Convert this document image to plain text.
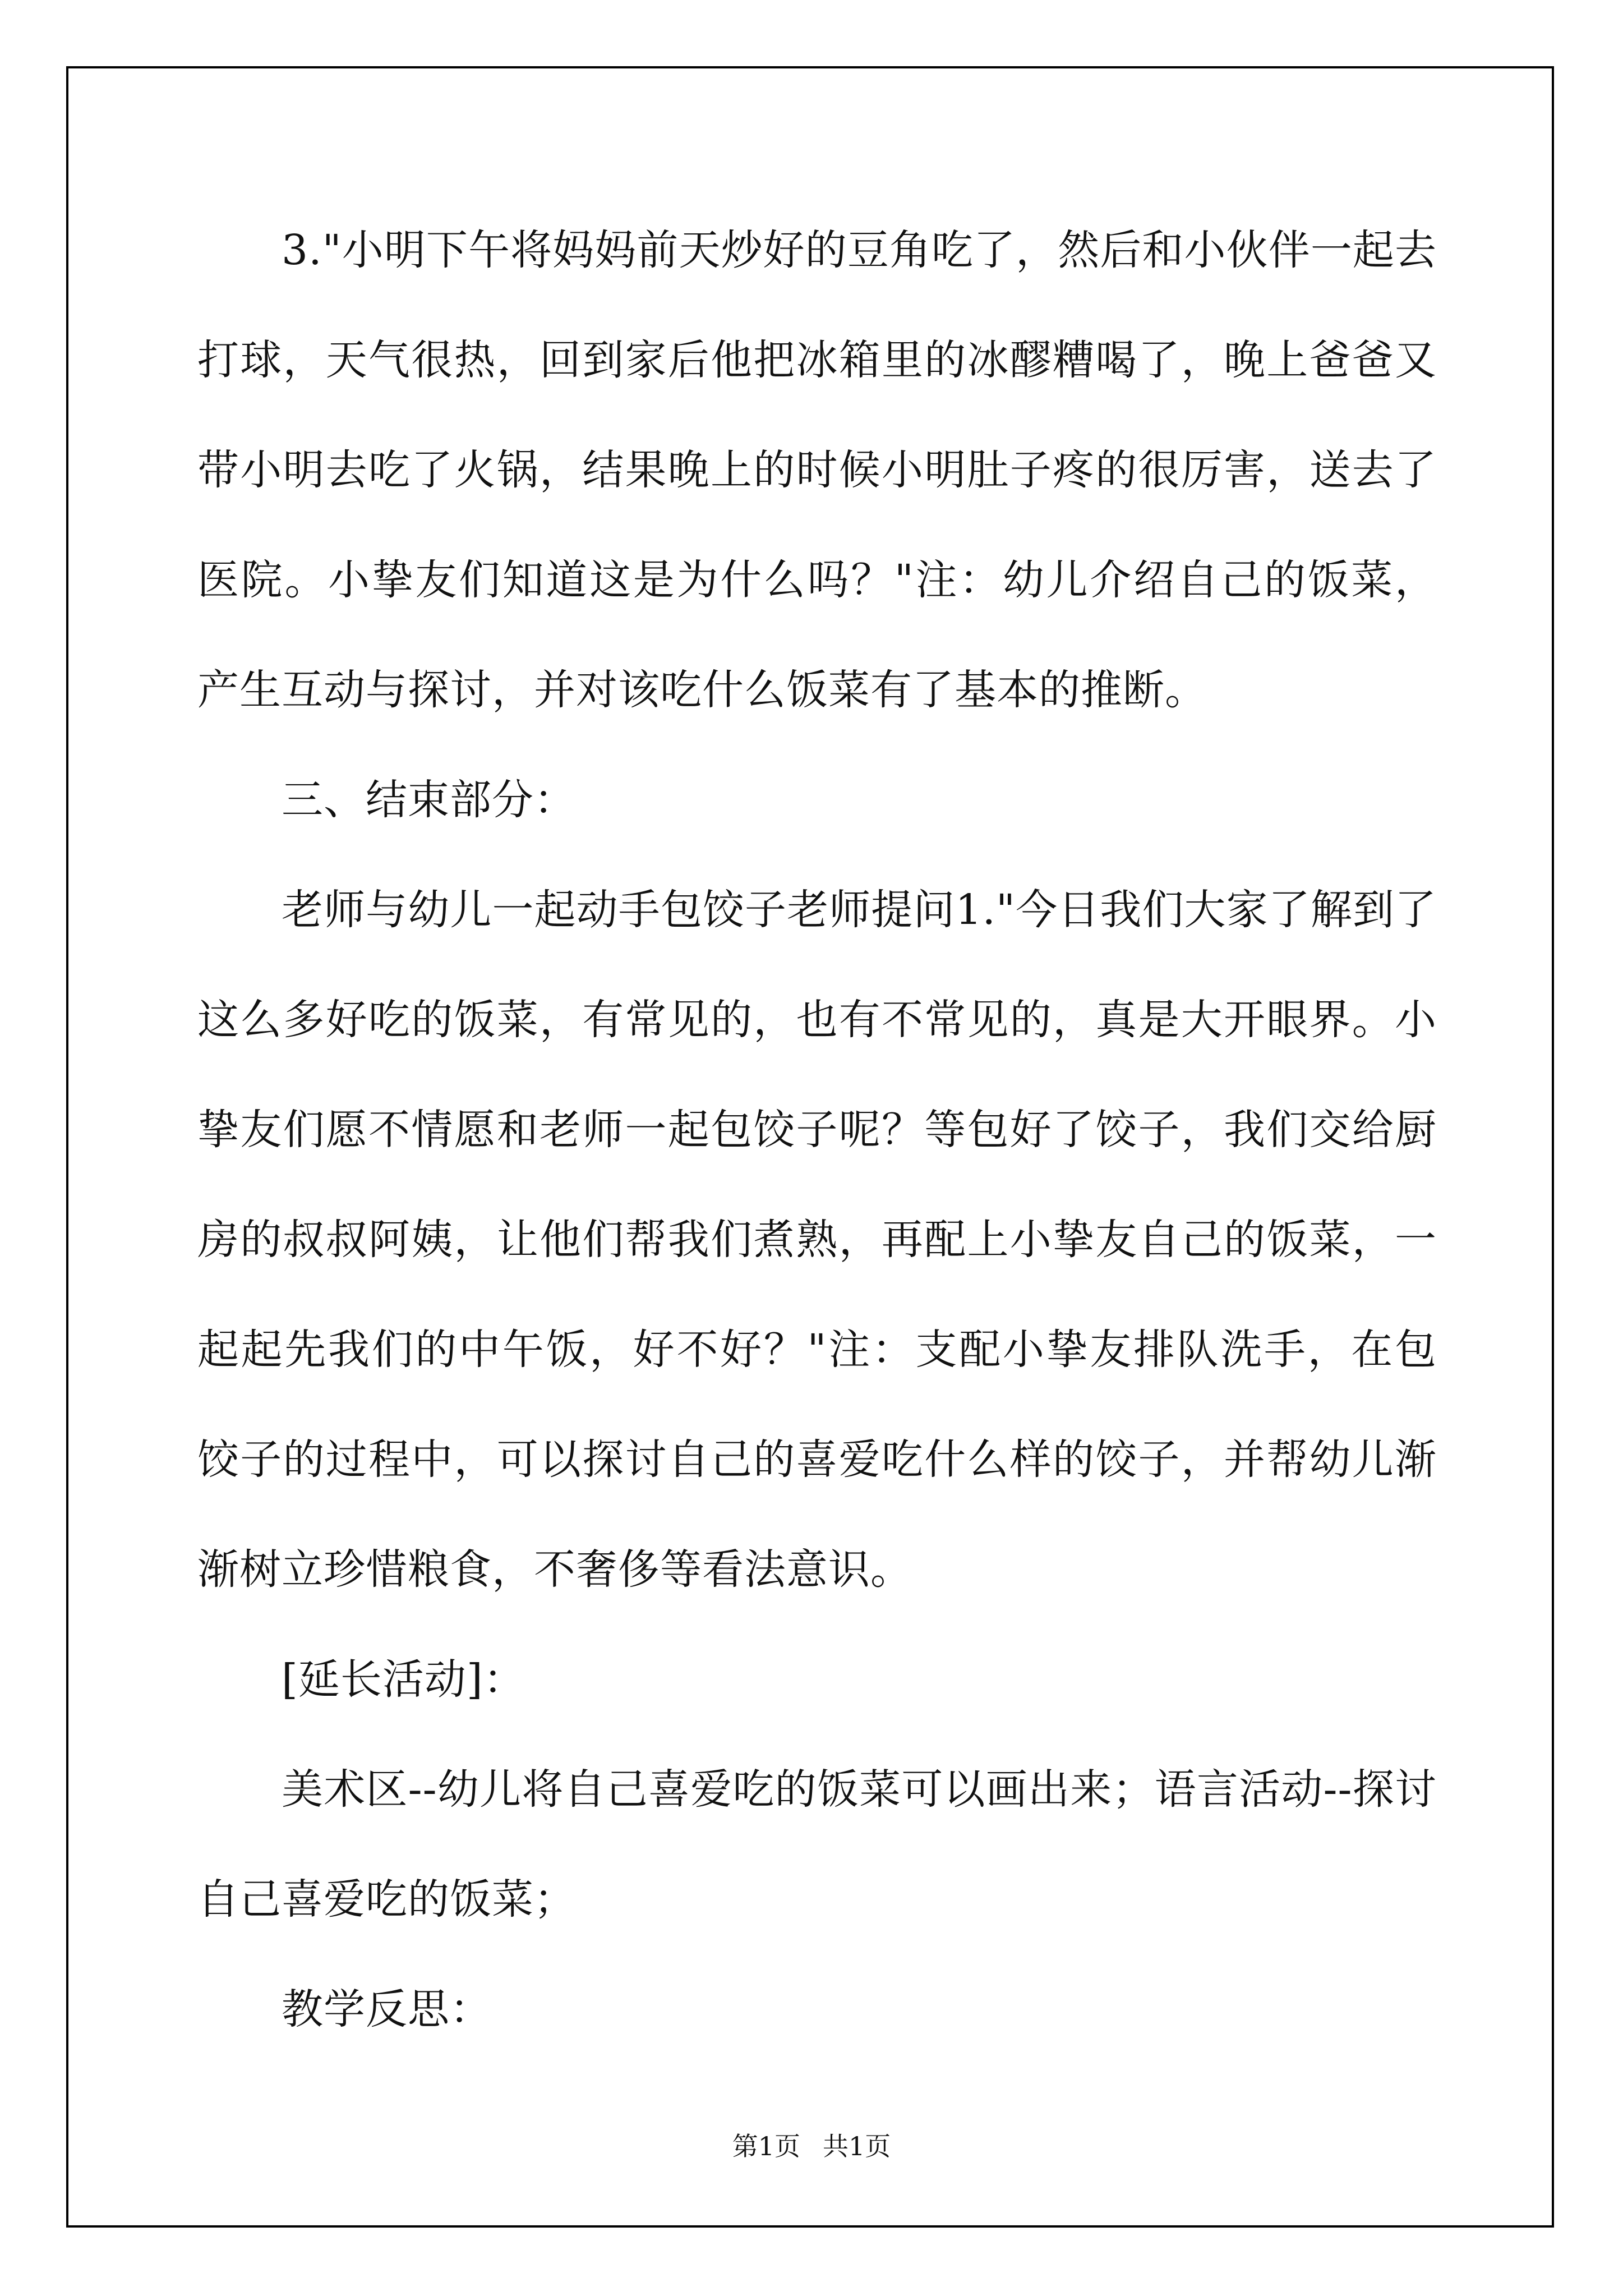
3."小明下午将妈妈前天炒好的豆角吃了，然后和小伙伴一起去打球，天气很热，回到家后他把冰箱里的冰醪糟喝了，晚上爸爸又带小明去吃了火锅，结果晚上的时候小明肚子疼的很厉害，送去了医院。小挚友们知道这是为什么吗？"注：幼儿介绍自己的饭菜，产生互动与探讨，并对该吃什么饭菜有了基本的推断。

三、结束部分：

老师与幼儿一起动手包饺子老师提问1."今日我们大家了解到了这么多好吃的饭菜，有常见的，也有不常见的，真是大开眼界。小挚友们愿不情愿和老师一起包饺子呢？等包好了饺子，我们交给厨房的叔叔阿姨，让他们帮我们煮熟，再配上小挚友自己的饭菜，一起起先我们的中午饭，好不好？"注：支配小挚友排队洗手，在包饺子的过程中，可以探讨自己的喜爱吃什么样的饺子，并帮幼儿渐渐树立珍惜粮食，不奢侈等看法意识。

[延长活动]：

美术区--幼儿将自己喜爱吃的饭菜可以画出来；语言活动--探讨自己喜爱吃的饭菜；

教学反思：

第1页 共1页
